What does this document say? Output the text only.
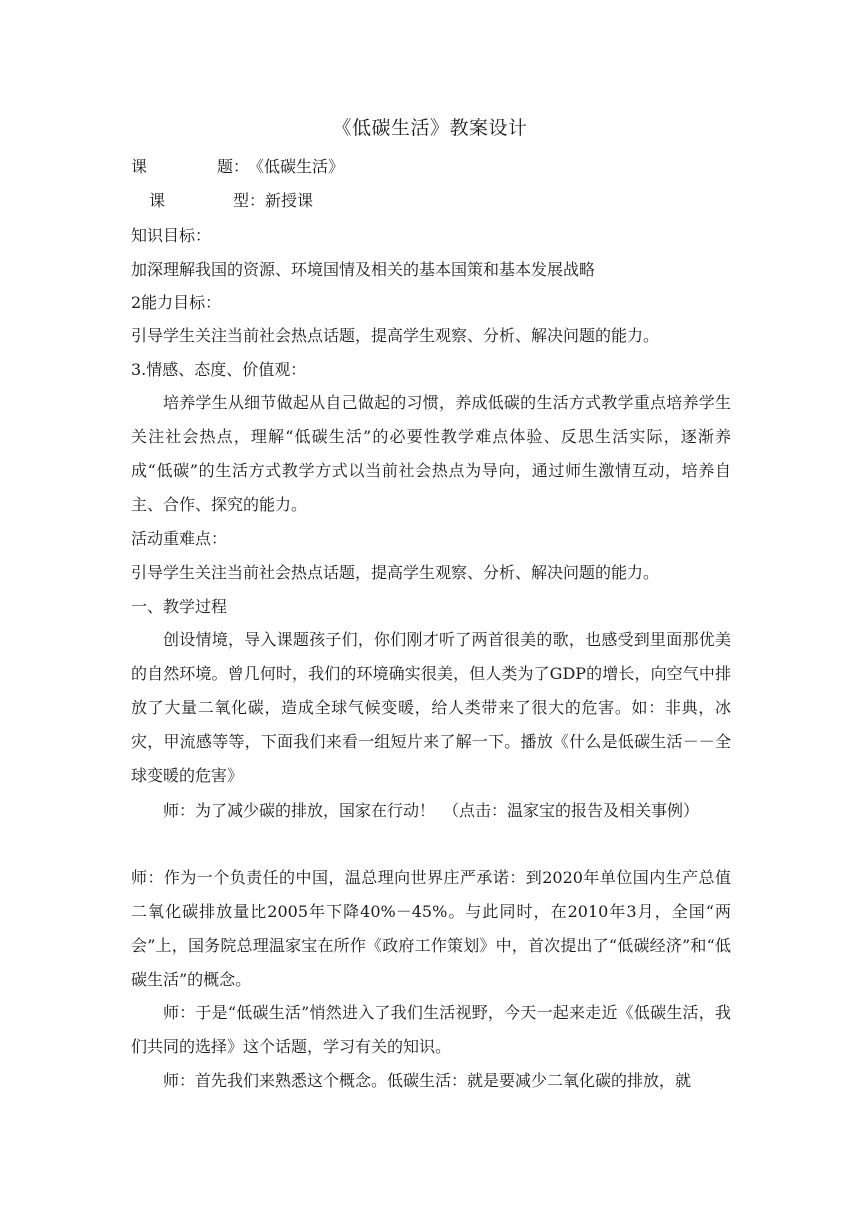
《低碳生活》教案设计
课	题：
《低碳生活》
课	型： 新授课
知识目标：
加深理解我国的资源、环境国情及相关的基本国策和基本发展战略
2能力目标：
引导学生关注当前社会热点话题，提高学生观察、分析、解决问题的能力。
3.情感、态度、价值观：
培养学生从细节做起从自己做起的习惯，养成低碳的生活方式教学重点培养学生关注社会热点，理解“低碳生活”的必要性教学难点体验、反思生活实际，逐渐养成“低碳”的生活方式教学方式以当前社会热点为导向，通过师生激情互动，培养自主、合作、探究的能力。
活动重难点：
引导学生关注当前社会热点话题，提高学生观察、分析、解决问题的能力。
一、教学过程
创设情境，导入课题孩子们，你们刚才听了两首很美的歌，也感受到里面那优美的自然环境。曾几何时，我们的环境确实很美，但人类为了GDP的增长，向空气中排放了大量二氧化碳，造成全球气候变暖，给人类带来了很大的危害。如：非典，冰灾，甲流感等等，下面我们来看一组短片来了解一下。播放《什么是低碳生活－－全球变暖的危害》
师：为了减少碳的排放，国家在行动！　（点击：温家宝的报告及相关事例）
师：作为一个负责任的中国，温总理向世界庄严承诺：到2020年单位国内生产总值二氧化碳排放量比2005年下降40%－45%。与此同时，在2010年3月，全国“两会”上，国务院总理温家宝在所作《政府工作策划》中，首次提出了“低碳经济”和“低碳生活”的概念。
师：于是“低碳生活”悄然进入了我们生活视野，今天一起来走近《低碳生活，我们共同的选择》这个话题，学习有关的知识。
师：首先我们来熟悉这个概念。低碳生活：就是要减少二氧化碳的排放，就
